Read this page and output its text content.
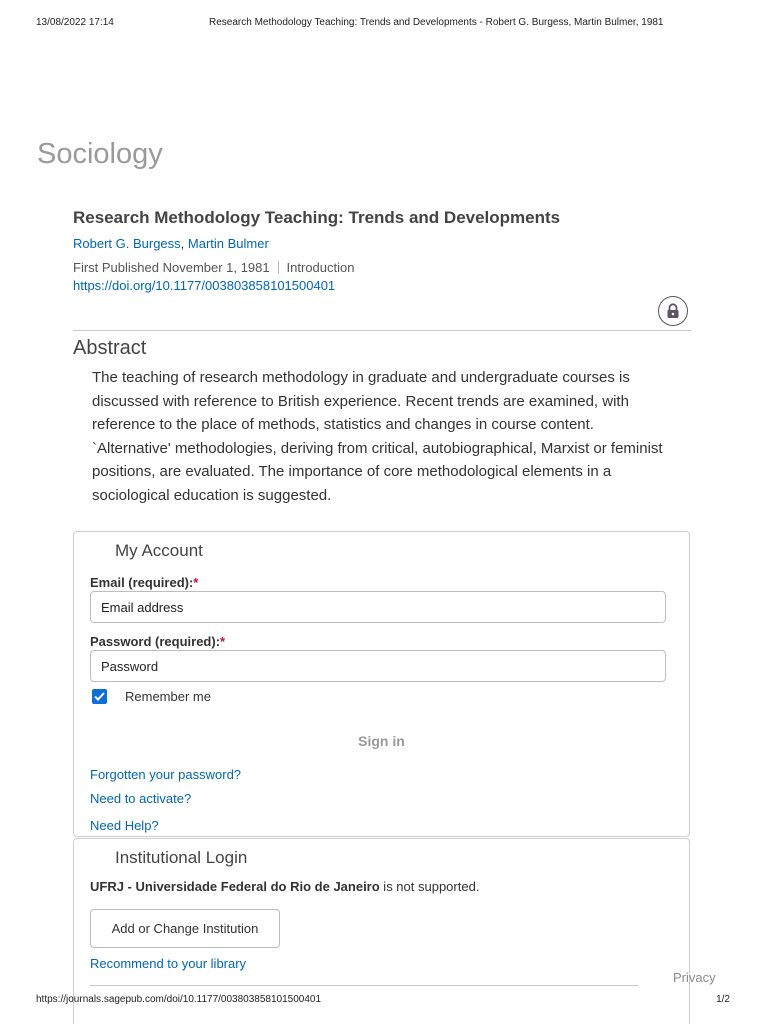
13/08/2022 17:14	Research Methodology Teaching: Trends and Developments - Robert G. Burgess, Martin Bulmer, 1981
Sociology
Research Methodology Teaching: Trends and Developments
Robert G. Burgess, Martin Bulmer
First Published November 1, 1981 Introduction
https://doi.org/10.1177/003803858101500401
Abstract

The teaching of research methodology in graduate and undergraduate courses is
discussed with reference to British experience. Recent trends are examined, with
reference to the place of methods, statistics and changes in course content.
`Alternative' methodologies, deriving from critical, autobiographical, Marxist or feminist
positions, are evaluated. The importance of core methodological elements in a
sociological education is suggested.

My Account
Email (required):*
Email address
Password (required):*
Remember me
Sign in
Forgotten your password?
Need to activate?
Need Help?
Institutional Login
UFRJ - Universidade Federal do Rio de Janeiro is not supported.
Add or Change Institution
Recommend to your library
Privacy
https://journals.sagepub.com/doi/10.1177/003803858101500401	1/2
